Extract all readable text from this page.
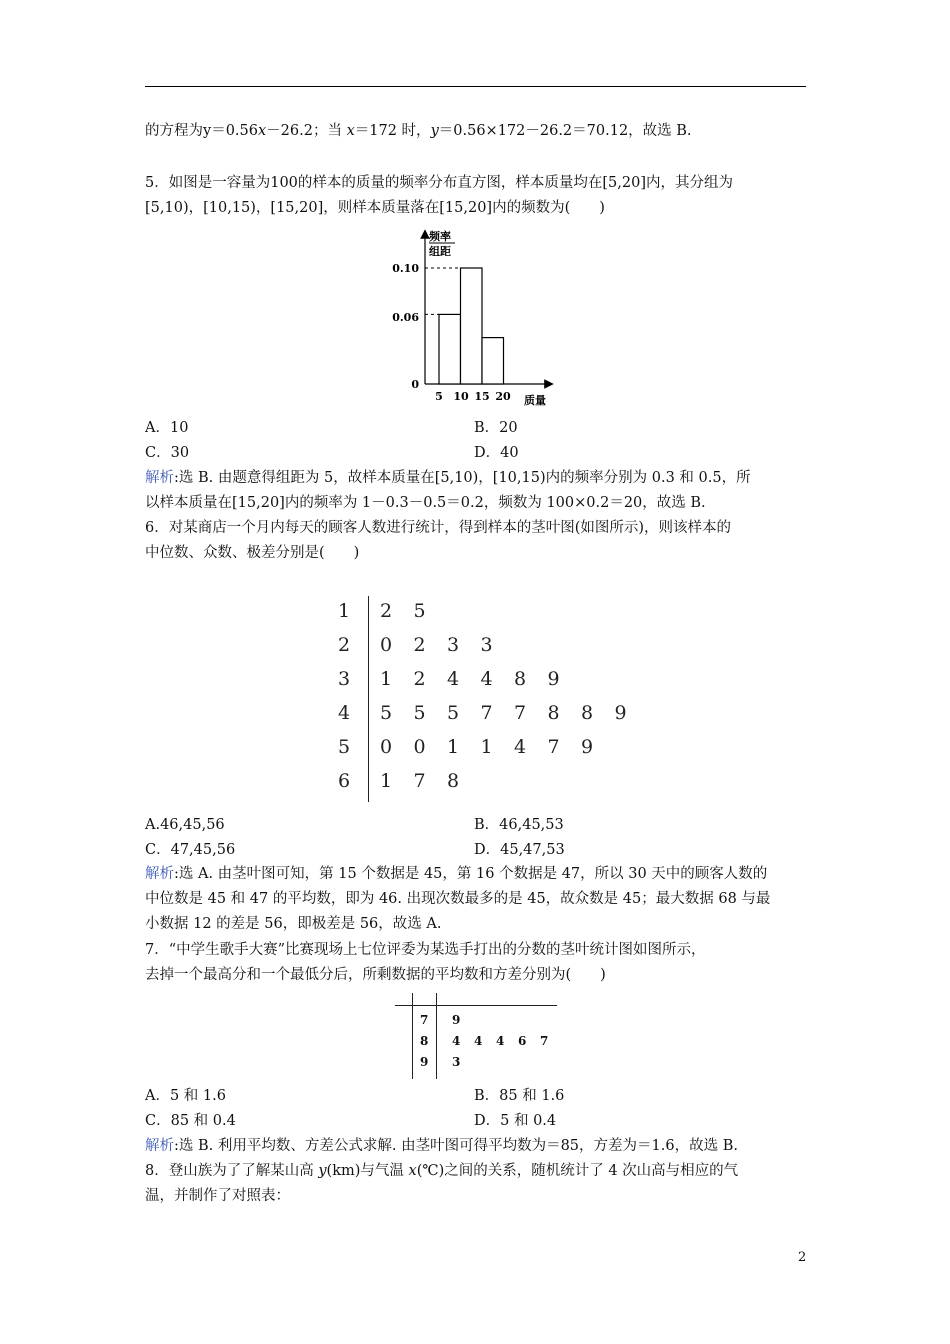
的方程为y＝0.56x－26.2；当 x＝172 时，y＝0.56×172－26.2＝70.12，故选 B.
5．如图是一容量为100的样本的质量的频率分布直方图，样本质量均在[5,20]内，其分组为
[5,10)，[10,15)，[15,20]，则样本质量落在[15,20]内的频数为(　　)
频率
组距
0.10
0.06
0
5 10 15 20 质量
A．10	B．20
C．30	D．40
解析:选 B. 由题意得组距为 5，故样本质量在[5,10)，[10,15)内的频率分别为 0.3 和 0.5，所
以样本质量在[15,20]内的频率为 1－0.3－0.5＝0.2，频数为 100×0.2＝20，故选 B.
6．对某商店一个月内每天的顾客人数进行统计，得到样本的茎叶图(如图所示)，则该样本的
中位数、众数、极差分别是(　　)
1 2 5
2 0 2 3 3
3 1 2 4 4 8 9
4 5 5 5 7 7 8 8 9
5 0 0 1 1 4 7 9
6 1 7 8
A.46,45,56	B．46,45,53
C．47,45,56	D．45,47,53
解析:选 A. 由茎叶图可知，第 15 个数据是 45，第 16 个数据是 47，所以 30 天中的顾客人数的
中位数是 45 和 47 的平均数，即为 46. 出现次数最多的是 45，故众数是 45；最大数据 68 与最
小数据 12 的差是 56，即极差是 56，故选 A.
7．“中学生歌手大赛”比赛现场上七位评委为某选手打出的分数的茎叶统计图如图所示，
去掉一个最高分和一个最低分后，所剩数据的平均数和方差分别为(　　)
7 9
8 4 4 4 6 7
9 3
A．5 和 1.6	B．85 和 1.6
C．85 和 0.4	D．5 和 0.4
解析:选 B. 利用平均数、方差公式求解. 由茎叶图可得平均数为＝85，方差为＝1.6，故选 B.
8．登山族为了了解某山高 y(km)与气温 x(℃)之间的关系，随机统计了 4 次山高与相应的气
温，并制作了对照表：
2
